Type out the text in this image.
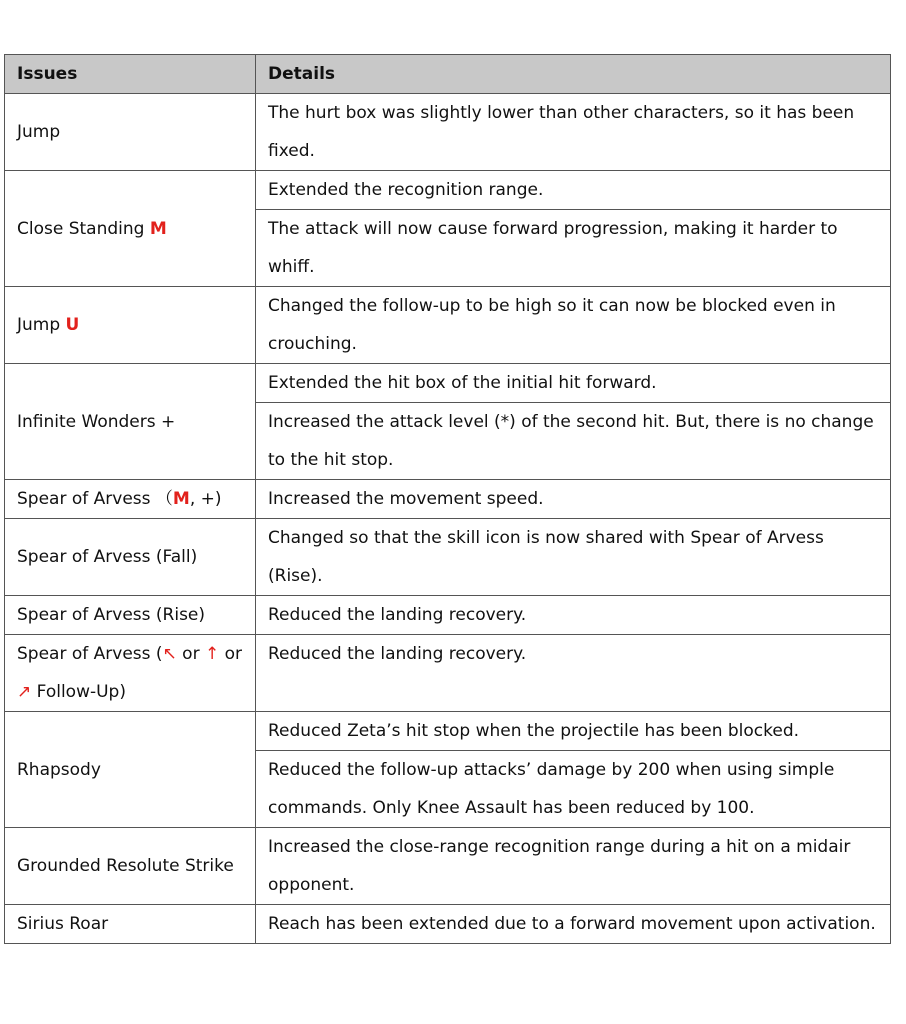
Issues	Details
Jump	The hurt box was slightly lower than other characters, so it has been fixed.
Close Standing M	Extended the recognition range.
	The attack will now cause forward progression, making it harder to whiff.
Jump U	Changed the follow-up to be high so it can now be blocked even in crouching.
Infinite Wonders +	Extended the hit box of the initial hit forward.
	Increased the attack level (*) of the second hit. But, there is no change to the hit stop.
Spear of Arvess （M, +)	Increased the movement speed.
Spear of Arvess (Fall)	Changed so that the skill icon is now shared with Spear of Arvess (Rise).
Spear of Arvess (Rise)	Reduced the landing recovery.
Spear of Arvess (↖ or ↑ or ↗ Follow-Up)	Reduced the landing recovery.
Rhapsody	Reduced Zeta’s hit stop when the projectile has been blocked.
	Reduced the follow-up attacks’ damage by 200 when using simple commands. Only Knee Assault has been reduced by 100.
Grounded Resolute Strike	Increased the close-range recognition range during a hit on a midair opponent.
Sirius Roar	Reach has been extended due to a forward movement upon activation.
